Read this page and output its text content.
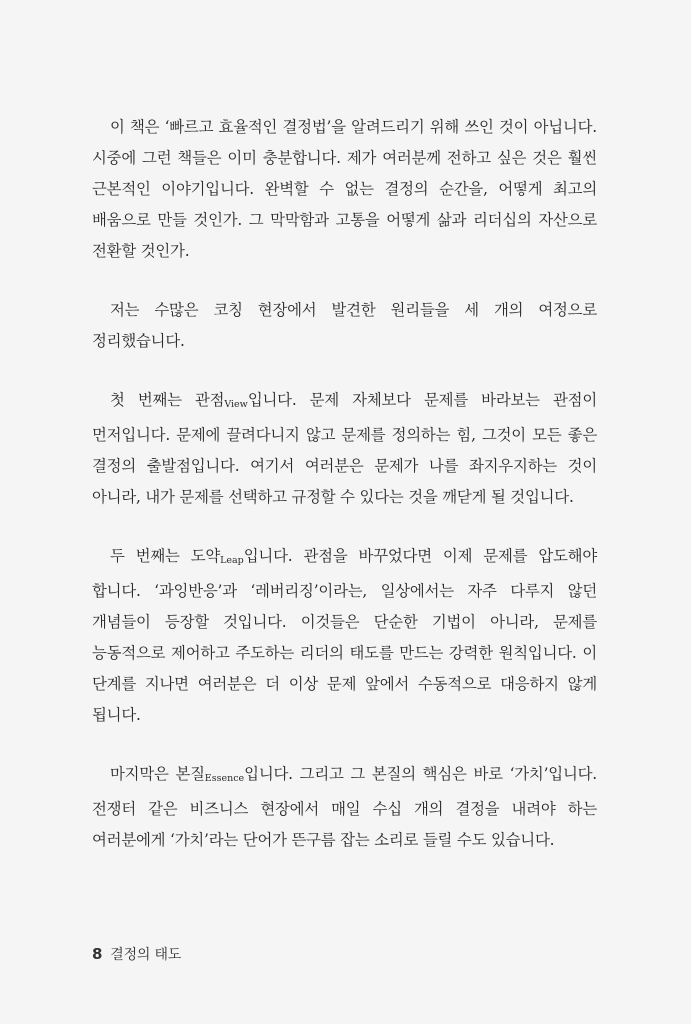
이 책은 ‘빠르고 효율적인 결정법’을 알려드리기 위해 쓰인 것이 아닙니다. 시중에 그런 책들은 이미 충분합니다. 제가 여러분께 전하고 싶은 것은 훨씬 근본적인 이야기입니다. 완벽할 수 없는 결정의 순간을, 어떻게 최고의 배움으로 만들 것인가. 그 막막함과 고통을 어떻게 삶과 리더십의 자산으로 전환할 것인가.

저는 수많은 코칭 현장에서 발견한 원리들을 세 개의 여정으로 정리했습니다.

첫 번째는 관점$_{View}$입니다. 문제 자체보다 문제를 바라보는 관점이 먼저입니다. 문제에 끌려다니지 않고 문제를 정의하는 힘, 그것이 모든 좋은 결정의 출발점입니다. 여기서 여러분은 문제가 나를 좌지우지하는 것이 아니라, 내가 문제를 선택하고 규정할 수 있다는 것을 깨닫게 될 것입니다.

두 번째는 도약$_{Leap}$입니다. 관점을 바꾸었다면 이제 문제를 압도해야 합니다. ‘과잉반응’과 ‘레버리징’이라는, 일상에서는 자주 다루지 않던 개념들이 등장할 것입니다. 이것들은 단순한 기법이 아니라, 문제를 능동적으로 제어하고 주도하는 리더의 태도를 만드는 강력한 원칙입니다. 이 단계를 지나면 여러분은 더 이상 문제 앞에서 수동적으로 대응하지 않게 됩니다.

마지막은 본질$_{Essence}$입니다. 그리고 그 본질의 핵심은 바로 ‘가치’입니다. 전쟁터 같은 비즈니스 현장에서 매일 수십 개의 결정을 내려야 하는 여러분에게 ‘가치’라는 단어가 뜬구름 잡는 소리로 들릴 수도 있습니다.

8 결정의 태도
